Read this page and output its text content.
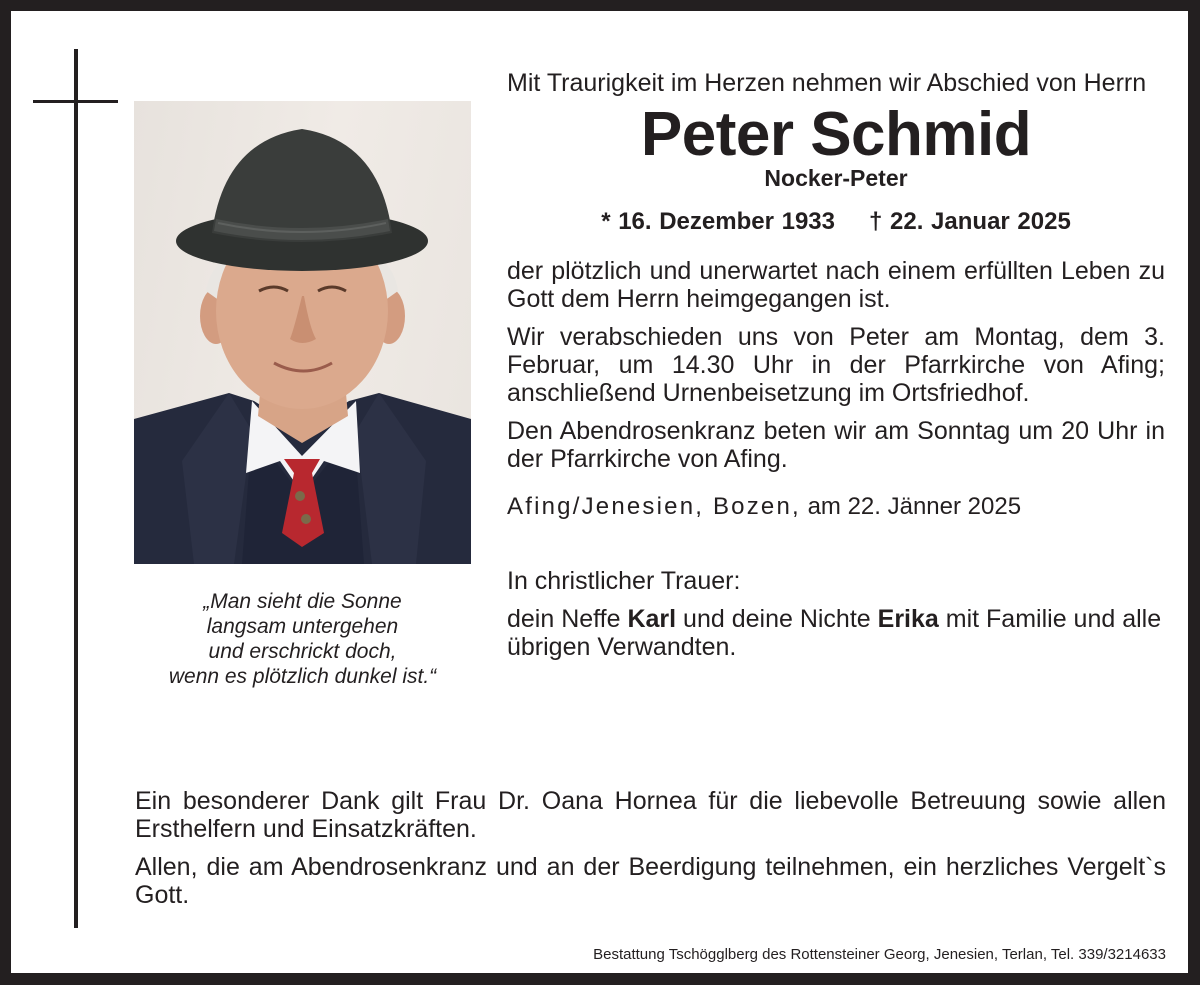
„Man sieht die Sonne
langsam untergehen
und erschrickt doch,
wenn es plötzlich dunkel ist.“
Mit Traurigkeit im Herzen nehmen wir Abschied von Herrn
Peter Schmid
Nocker-Peter
* 16. Dezember 1933 † 22. Januar 2025
der plötzlich und unerwartet nach einem erfüllten Leben zu Gott dem Herrn heimgegangen ist.
Wir verabschieden uns von Peter am Montag, dem 3. Februar, um 14.30 Uhr in der Pfarrkirche von Afing; anschließend Urnenbeisetzung im Ortsfriedhof.
Den Abendrosenkranz beten wir am Sonntag um 20 Uhr in der Pfarrkirche von Afing.
Afing/Jenesien, Bozen, am 22. Jänner 2025
In christlicher Trauer:
dein Neffe Karl und deine Nichte Erika mit Familie und alle übrigen Verwandten.
Ein besonderer Dank gilt Frau Dr. Oana Hornea für die liebevolle Betreuung sowie allen Ersthelfern und Einsatzkräften.
Allen, die am Abendrosenkranz und an der Beerdigung teilnehmen, ein herzliches Vergelt`s Gott.
Bestattung Tschögglberg des Rottensteiner Georg, Jenesien, Terlan, Tel. 339/3214633
